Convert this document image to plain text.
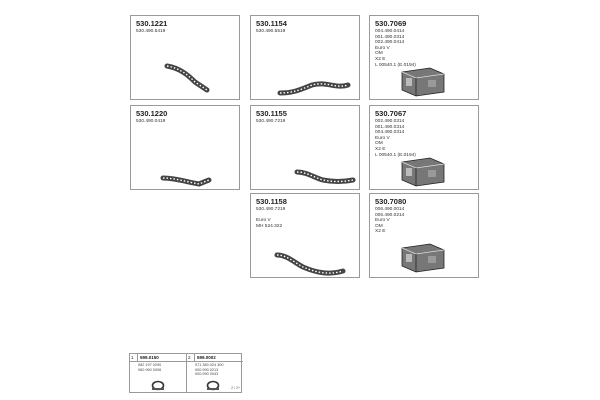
530.1221
530.490.5419
530.1220
530.490.0419
530.1154
530.490.5519
530.1155
530.490.7219
530.1158
530.490.7219

Euro V
MH 524.322
530.7069
004.490.0414
001.490.0314
002.490.0414
Euro V
OM
X2 E
L 00540.1 (E.0194)
530.7067
002.490.0314
001.490.0314
004.490.0314
Euro V
OM
X2 E
L 00540.1 (E.0194)
530.7080
006.490.0014
006.490.0214
Euro V
OM
X2 E
1 599.0150
082 197 0290
060 960 0006
2 599.0002
071 380 024 300
000.990 0213
000.990 0043
2 / 2+
